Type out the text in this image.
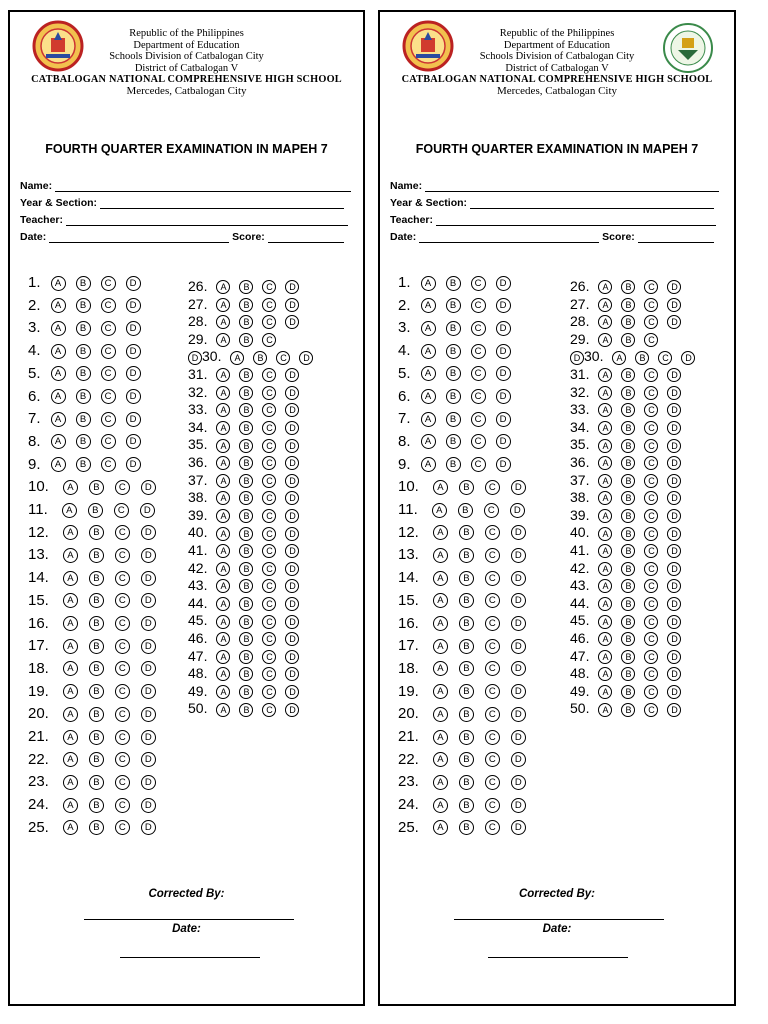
Republic of the Philippines
Department of Education
Schools Division of Catbalogan City
District of Catbalogan V
CATBALOGAN NATIONAL COMPREHENSIVE HIGH SCHOOL
Mercedes, Catbalogan City
FOURTH QUARTER EXAMINATION IN MAPEH 7
Name:
Year & Section:
Teacher:
Date:	Score:
1. A B C D
2. A B C D
3. A B C D
4. A B C D
5. A B C D
6. A B C D
7. A B C D
8. A B C D
9. A B C D
10. A B C D
11. A B C D
12. A B C D
13. A B C D
14. A B C D
15. A B C D
16. A B C D
17. A B C D
18. A B C D
19. A B C D
20. A B C D
21. A B C D
22. A B C D
23. A B C D
24. A B C D
25. A B C D
26. A B C D
27. A B C D
28. A B C D
29. A B C
D 30. A B C D
31. A B C D
32. A B C D
33. A B C D
34. A B C D
35. A B C D
36. A B C D
37. A B C D
38. A B C D
39. A B C D
40. A B C D
41. A B C D
42. A B C D
43. A B C D
44. A B C D
45. A B C D
46. A B C D
47. A B C D
48. A B C D
49. A B C D
50. A B C D
Corrected By:
Date:
Republic of the Philippines
Department of Education
Schools Division of Catbalogan City
District of Catbalogan V
CATBALOGAN NATIONAL COMPREHENSIVE HIGH SCHOOL
Mercedes, Catbalogan City
FOURTH QUARTER EXAMINATION IN MAPEH 7
Name:
Year & Section:
Teacher:
Date:	Score:
1. A B C D
2. A B C D
3. A B C D
4. A B C D
5. A B C D
6. A B C D
7. A B C D
8. A B C D
9. A B C D
10. A B C D
11. A B C D
12. A B C D
13. A B C D
14. A B C D
15. A B C D
16. A B C D
17. A B C D
18. A B C D
19. A B C D
20. A B C D
21. A B C D
22. A B C D
23. A B C D
24. A B C D
25. A B C D
26. A B C D
27. A B C D
28. A B C D
29. A B C
D 30. A B C D
31. A B C D
32. A B C D
33. A B C D
34. A B C D
35. A B C D
36. A B C D
37. A B C D
38. A B C D
39. A B C D
40. A B C D
41. A B C D
42. A B C D
43. A B C D
44. A B C D
45. A B C D
46. A B C D
47. A B C D
48. A B C D
49. A B C D
50. A B C D
Corrected By:
Date:
